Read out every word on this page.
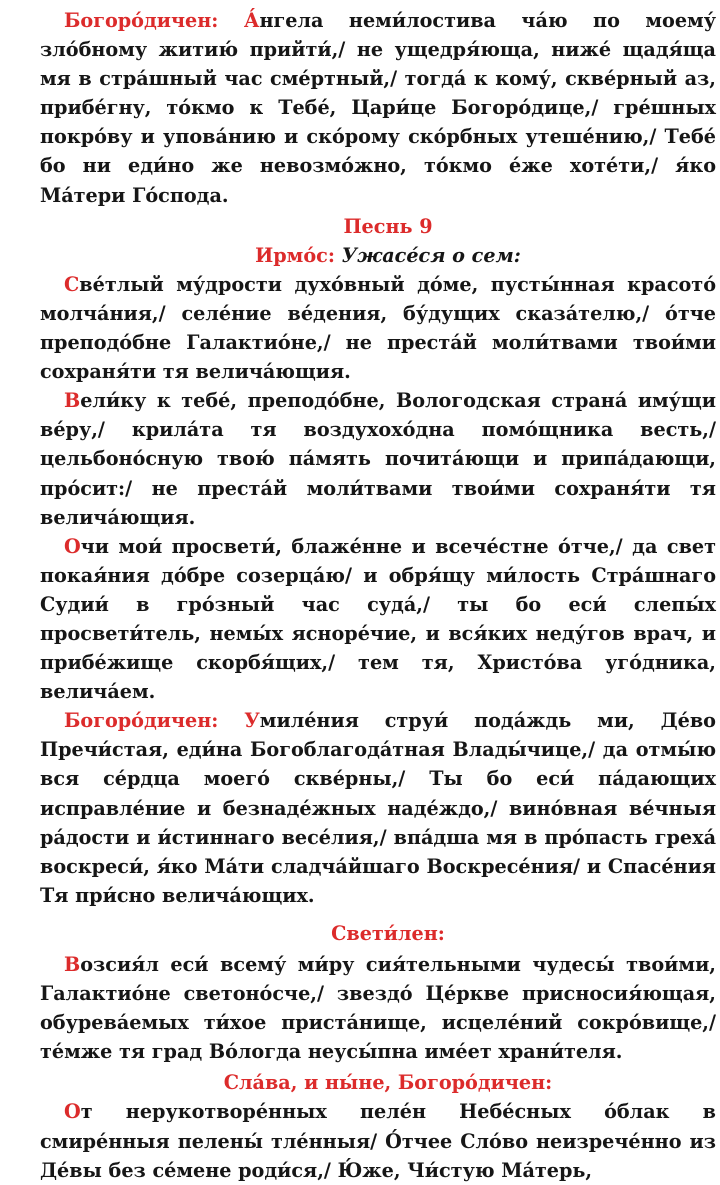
Богоро́дичен: А́нгела неми́лостива ча́ю по моему́ зло́бному житию́ прийти́,/ не ущедря́юща, ниже́ щадя́ща мя в стра́шный час сме́ртный,/ тогда́ к кому́, скве́рный аз, прибе́гну, то́кмо к Тебе́, Цари́це Богоро́дице,/ гре́шных покро́ву и упова́нию и ско́рому ско́рбных утеше́нию,/ Тебе́ бо ни еди́но же невозмо́жно, то́кмо е́же хоте́ти,/ я́ко Ма́тери Го́спода.

Песнь 9

Ирмо́с: Ужасе́ся о сем:

Све́тлый му́дрости духо́вный до́ме, пусты́нная красото́ молча́ния,/ селе́ние ве́дения, бу́дущих сказа́телю,/ о́тче преподо́бне Галактио́не,/ не преста́й моли́твами твои́ми сохраня́ти тя велича́ющия.

Вели́ку к тебе́, преподо́бне, Вологодская страна́ иму́щи ве́ру,/ крила́та тя воздухохо́дна помо́щника весть,/ цельбоно́сную твою́ па́мять почита́ющи и припа́дающи, про́сит:/ не преста́й моли́твами твои́ми сохраня́ти тя велича́ющия.

Очи мои́ просвети́, блаже́нне и всече́стне о́тче,/ да свет покая́ния до́бре созерца́ю/ и обря́щу ми́лость Стра́шнаго Судии́ в гро́зный час суда́,/ ты бо еси́ слепы́х просвети́тель, немы́х ясноре́чие, и вся́ких неду́гов врач, и прибе́жище скорбя́щих,/ тем тя, Христо́ва уго́дника, велича́ем.

Богоро́дичен: Умиле́ния струи́ пода́ждь ми, Де́во Пречи́стая, еди́на Богоблагода́тная Влады́чице,/ да отмы́ю вся се́рдца моего́ скве́рны,/ Ты бо еси́ па́дающих исправле́ние и безнаде́жных наде́ждо,/ вино́вная ве́чныя ра́дости и и́стиннаго весе́лия,/ впа́дша мя в про́пасть греха́ воскреси́, я́ко Ма́ти сладча́йшаго Воскресе́ния/ и Спасе́ния Тя при́сно велича́ющих.

Свети́лен:

Возсия́л еси́ всему́ ми́ру сия́тельными чудесы́ твои́ми, Галактио́не светоно́сче,/ звездо́ Це́ркве присносия́ющая, обурева́емых ти́хое приста́нище, исцеле́ний сокро́вище,/ те́мже тя град Во́логда неусы́пна име́ет храни́теля.

Сла́ва, и ны́не, Богоро́дичен:

От нерукотворе́нных пеле́н Небе́сных о́блак в смире́нныя пелены́ тле́нныя/ О́тчее Сло́во неизрече́нно из Де́вы без се́мене роди́ся,/ Ю́же, Чи́стую Ма́терь,
